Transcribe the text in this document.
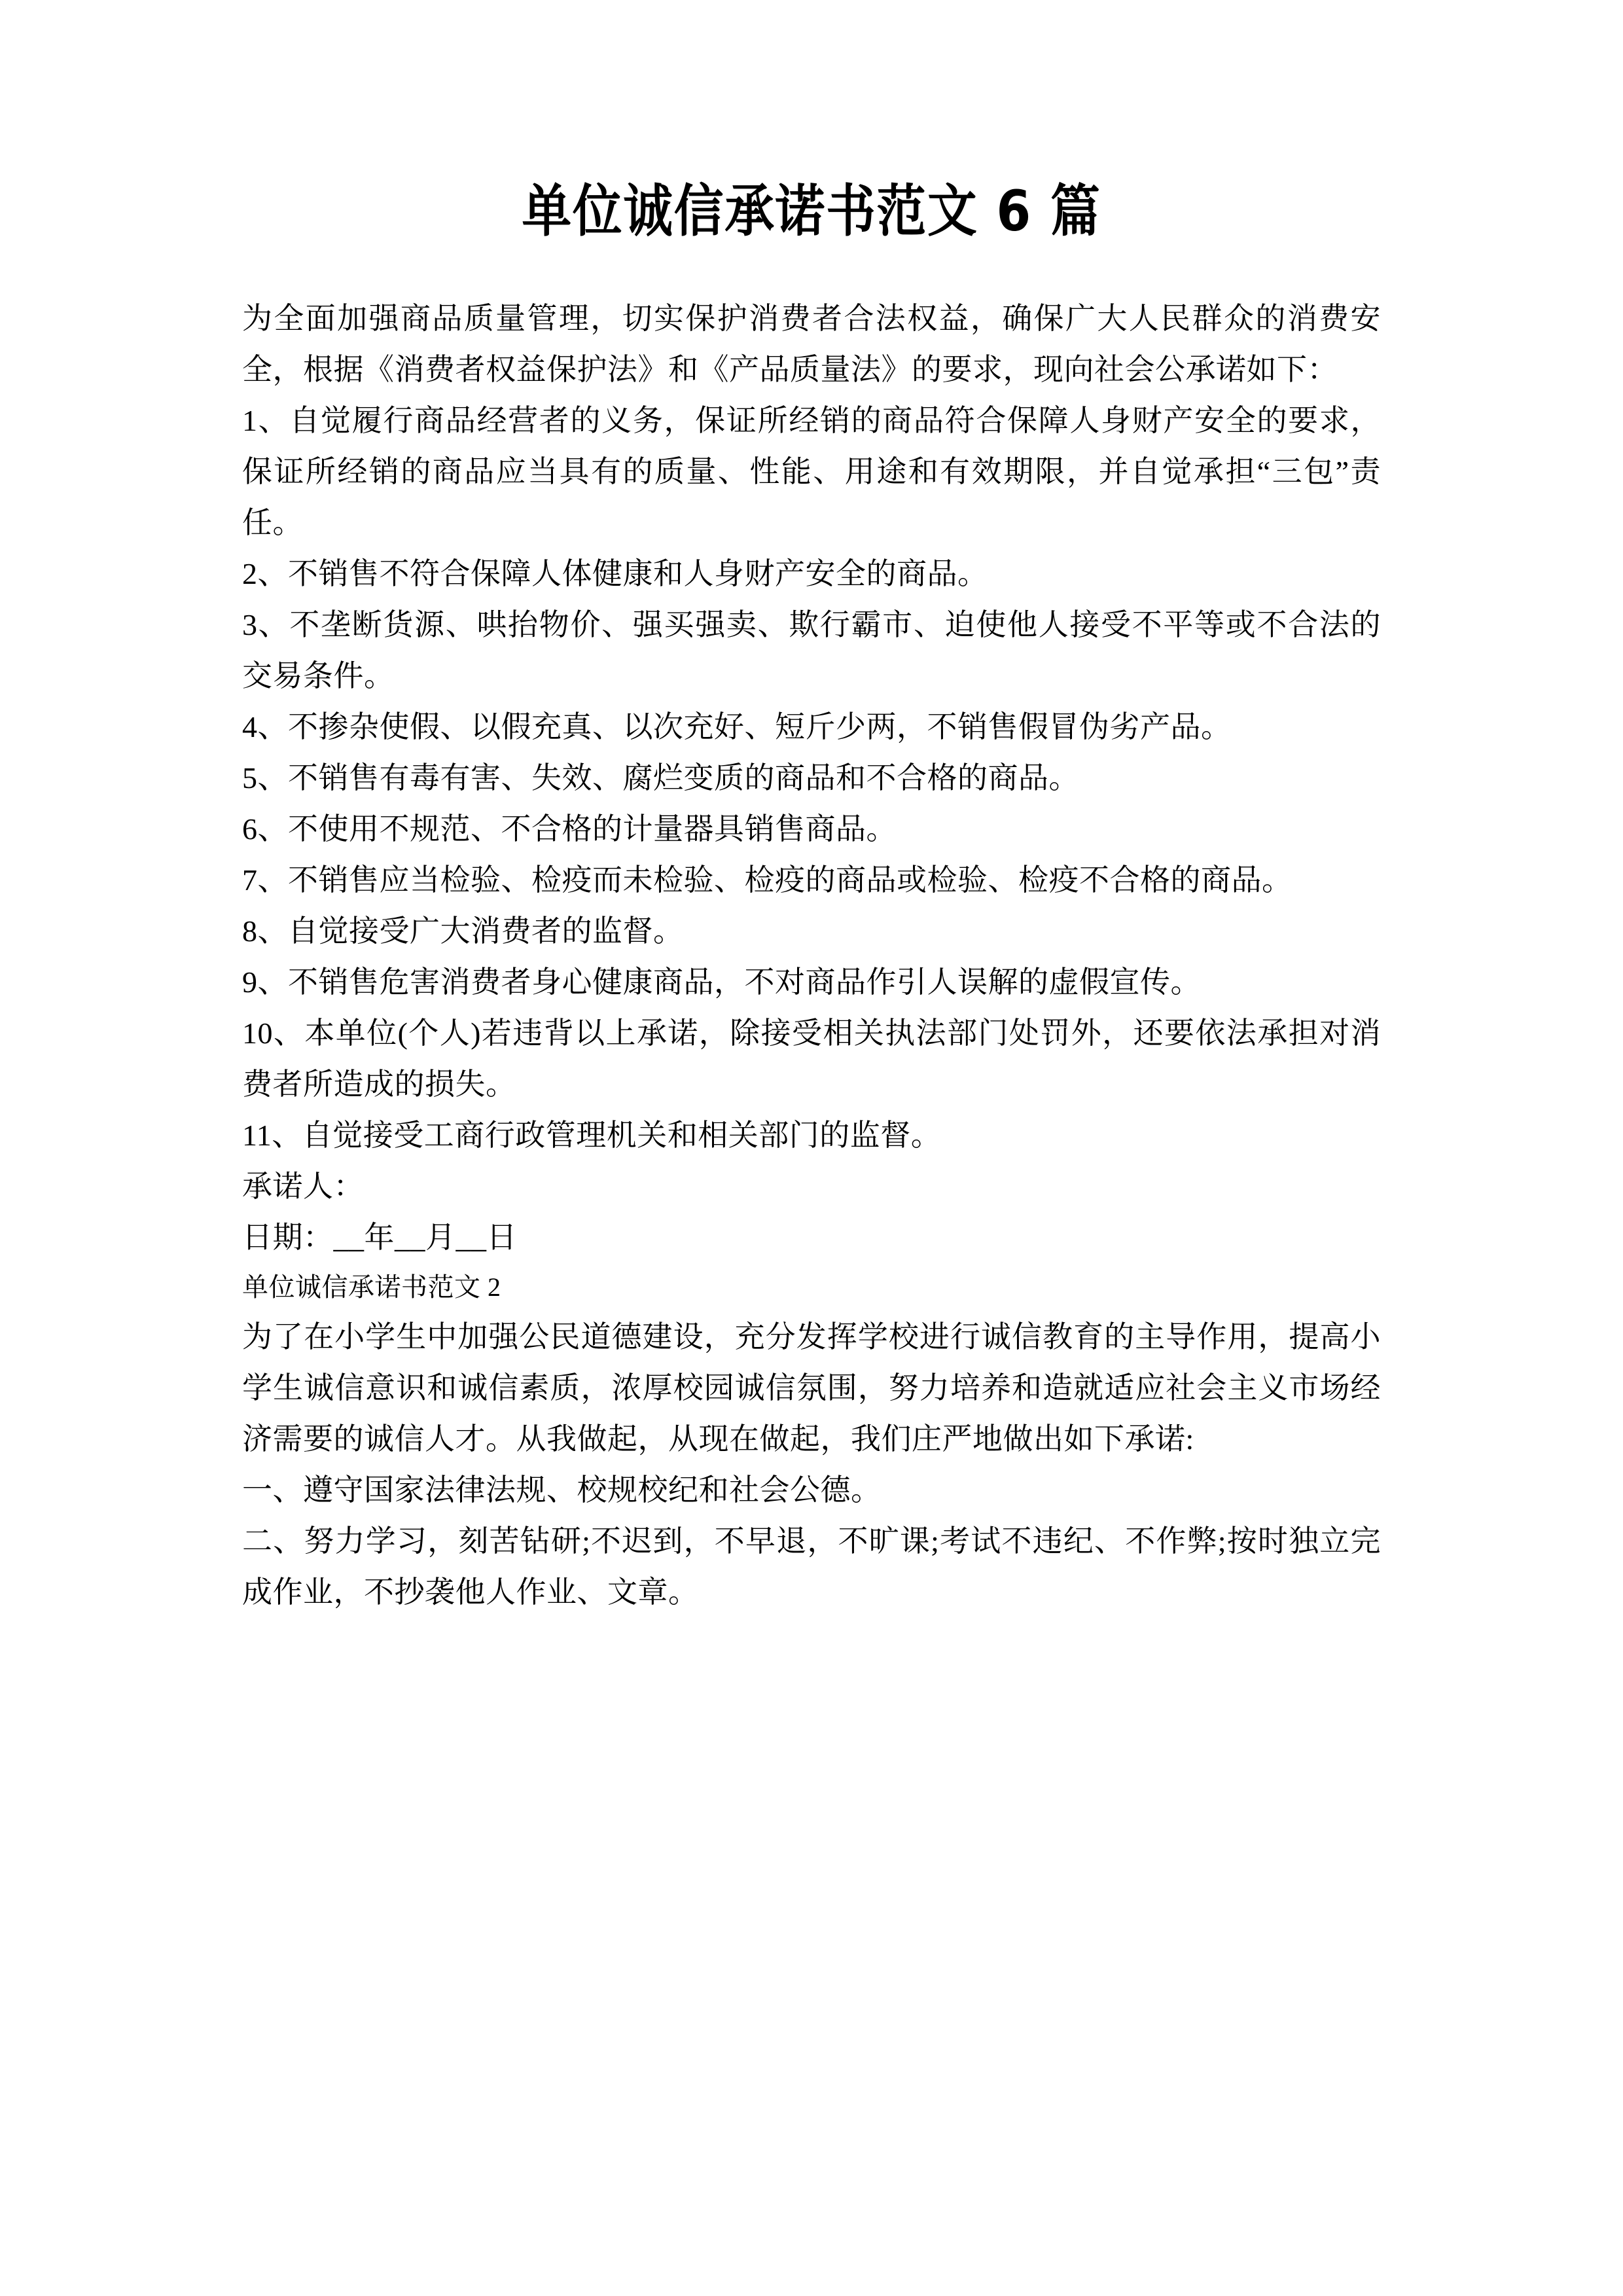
单位诚信承诺书范文 6 篇

为全面加强商品质量管理，切实保护消费者合法权益，确保广大人民群众的消费安全，根据《消费者权益保护法》和《产品质量法》的要求，现向社会公承诺如下：

1、自觉履行商品经营者的义务，保证所经销的商品符合保障人身财产安全的要求，保证所经销的商品应当具有的质量、性能、用途和有效期限，并自觉承担“三包”责任。

2、不销售不符合保障人体健康和人身财产安全的商品。

3、不垄断货源、哄抬物价、强买强卖、欺行霸市、迫使他人接受不平等或不合法的交易条件。

4、不掺杂使假、以假充真、以次充好、短斤少两，不销售假冒伪劣产品。

5、不销售有毒有害、失效、腐烂变质的商品和不合格的商品。

6、不使用不规范、不合格的计量器具销售商品。

7、不销售应当检验、检疫而未检验、检疫的商品或检验、检疫不合格的商品。

8、自觉接受广大消费者的监督。

9、不销售危害消费者身心健康商品，不对商品作引人误解的虚假宣传。

10、本单位(个人)若违背以上承诺，除接受相关执法部门处罚外，还要依法承担对消费者所造成的损失。

11、自觉接受工商行政管理机关和相关部门的监督。

承诺人：

日期：__年__月__日

单位诚信承诺书范文 2

为了在小学生中加强公民道德建设，充分发挥学校进行诚信教育的主导作用，提高小学生诚信意识和诚信素质，浓厚校园诚信氛围，努力培养和造就适应社会主义市场经济需要的诚信人才。从我做起，从现在做起，我们庄严地做出如下承诺:

一、遵守国家法律法规、校规校纪和社会公德。

二、努力学习，刻苦钻研;不迟到，不早退，不旷课;考试不违纪、不作弊;按时独立完成作业，不抄袭他人作业、文章。
